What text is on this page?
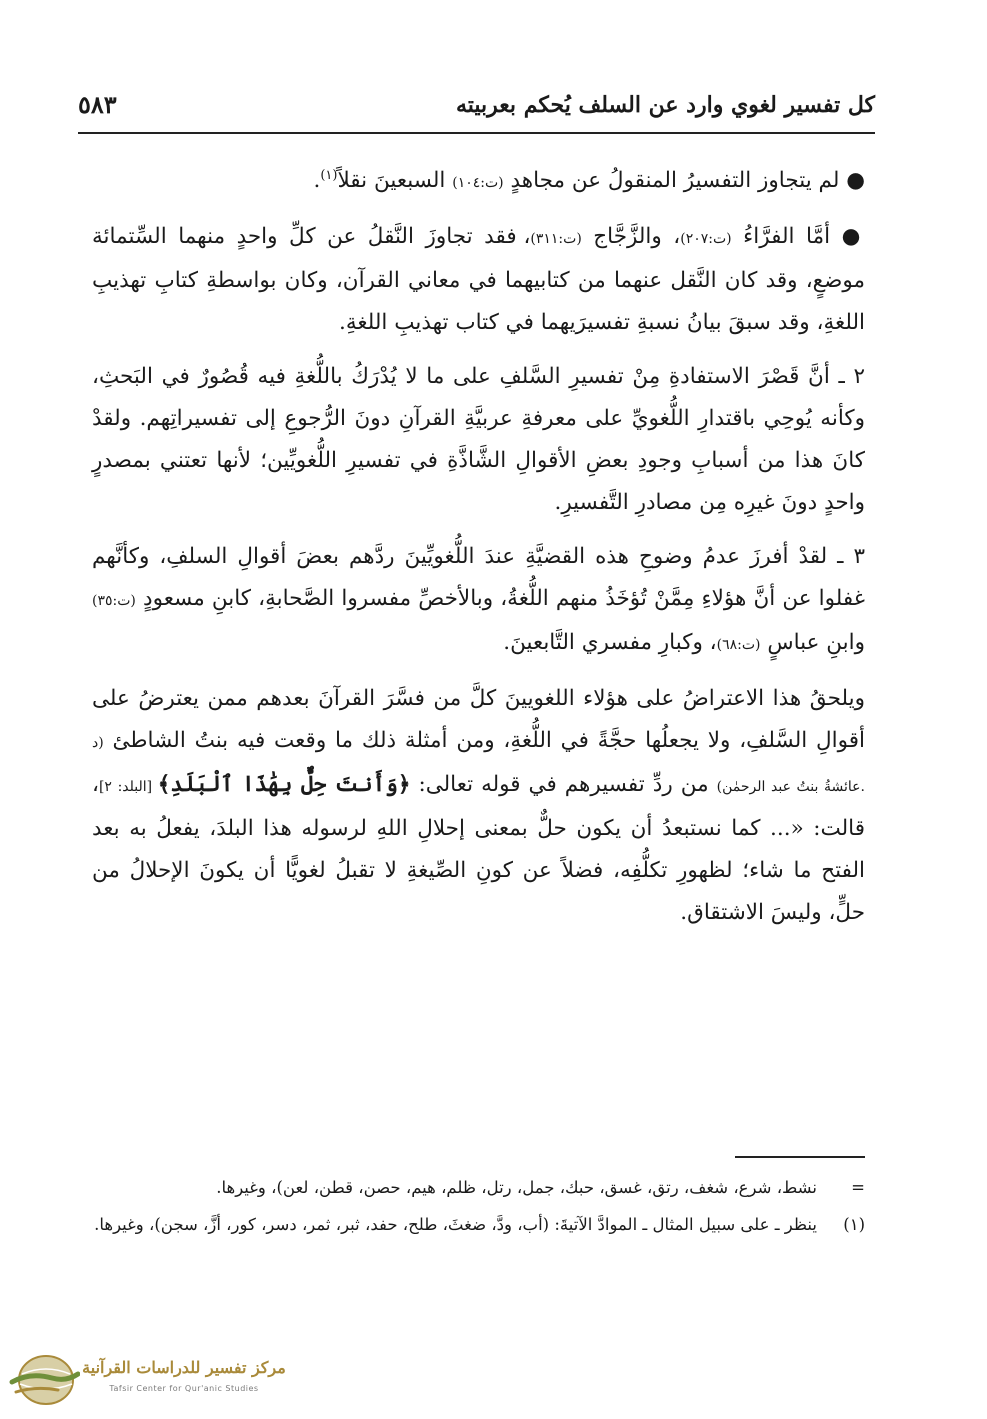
كل تفسير لغوي وارد عن السلف يُحكم بعربيته
٥٨٣

● لم يتجاوز التفسيرُ المنقولُ عن مجاهدٍ (ت:١٠٤) السبعينَ نقلاً$^{(١)}$.

● أمَّا الفرَّاءُ (ت:٢٠٧)، والزَّجَّاج (ت:٣١١)، فقد تجاوزَ النَّقلُ عن كلِّ واحدٍ منهما السِّتمائة موضعٍ، وقد كان النَّقل عنهما من كتابيهما في معاني القرآن، وكان بواسطةِ كتابِ تهذيبِ اللغةِ، وقد سبقَ بيانُ نسبةِ تفسيرَيهما في كتاب تهذيبِ اللغةِ.

٢ ـ أنَّ قَصْرَ الاستفادةِ مِنْ تفسيرِ السَّلفِ على ما لا يُدْرَكُ باللُّغةِ فيه قُصُورٌ في البَحثِ، وكأنه يُوحِي باقتدارِ اللُّغويِّ على معرفةِ عربيَّةِ القرآنِ دونَ الرُّجوعِ إلى تفسيراتِهم. ولقدْ كانَ هذا من أسبابِ وجودِ بعضِ الأقوالِ الشَّاذَّةِ في تفسيرِ اللُّغويِّين؛ لأنها تعتني بمصدرٍ واحدٍ دونَ غيرِه مِن مصادرِ التَّفسيرِ.

٣ ـ لقدْ أفرزَ عدمُ وضوحِ هذه القضيَّةِ عندَ اللُّغويِّينَ ردَّهم بعضَ أقوالِ السلفِ، وكأنَّهم غفلوا عن أنَّ هؤلاءِ مِمَّنْ تُؤخَذُ منهم اللُّغةُ، وبالأخصِّ مفسروا الصَّحابةِ، كابنِ مسعودٍ (ت:٣٥) وابنِ عباسٍ (ت:٦٨)، وكبارِ مفسري التَّابعينَ.

ويلحقُ هذا الاعتراضُ على هؤلاء اللغويينَ كلَّ من فسَّرَ القرآنَ بعدهم ممن يعترضُ على أقوالِ السَّلفِ، ولا يجعلُها حجَّةً في اللُّغةِ، ومن أمثلة ذلك ما وقعت فيه بنتُ الشاطئ (د .عائشةُ بنتُ عبد الرحمٰن) من ردِّ تفسيرهم في قوله تعالى: ﴿وَأَنتَ حِلٌّ بِهَٰذَا ٱلْبَلَدِ﴾ [البلد: ٢]، قالت: «... كما نستبعدُ أن يكون حلٌّ بمعنى إحلالِ اللهِ لرسوله هذا البلدَ، يفعلُ به بعد الفتح ما شاء؛ لظهورِ تكلُّفِه، فضلاً عن كونِ الصِّيغةِ لا تقبلُ لغويًّا أن يكونَ الإحلالُ من حلٍّ، وليسَ الاشتقاق.

=
نشط، شرع، شغف، رتق، غسق، حبك، جمل، رتل، ظلم، هيم، حصن، قطن، لعن)، وغيرها.
(١)
ينظر ـ على سبيل المثال ـ الموادَّ الآتيةَ: (أب، ودَّ، ضغثَ، طلح، حفد، ثبر، ثمر، دسر، كور، أزَّ، سجن)، وغيرها.
مركز تفسير للدراسات القرآنية
Tafsir Center for Qur'anic Studies
